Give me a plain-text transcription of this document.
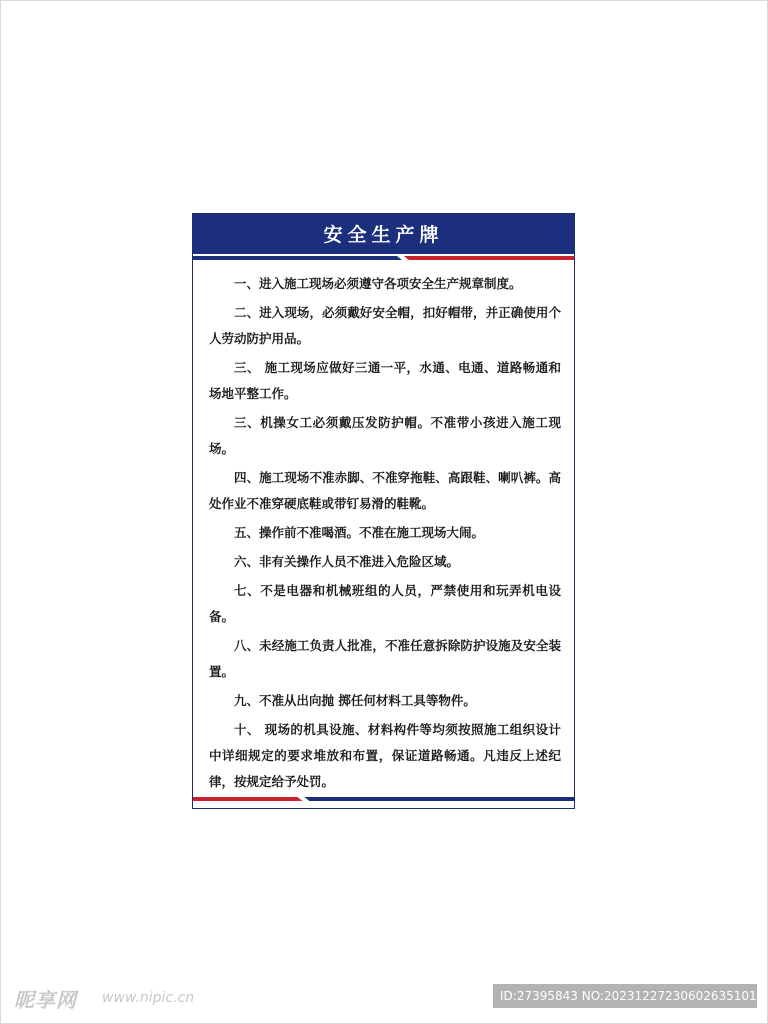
安全生产牌
一、进入施工现场必须遵守各项安全生产规章制度。
二、进入现场，必须戴好安全帽，扣好帽带，并正确使用个人劳动防护用品。
三、 施工现场应做好三通一平，水通、电通、道路畅通和场地平整工作。
三、机操女工必须戴压发防护帽。不准带小孩进入施工现场。
四、施工现场不准赤脚、不准穿拖鞋、高跟鞋、喇叭裤。高处作业不准穿硬底鞋或带钉易滑的鞋靴。
五、操作前不准喝酒。不准在施工现场大闹。
六、非有关操作人员不准进入危险区域。
七、不是电器和机械班组的人员，严禁使用和玩弄机电设备。
八、未经施工负责人批准，不准任意拆除防护设施及安全装置。
九、不准从出向抛 掷任何材料工具等物件。
十、 现场的机具设施、材料构件等均须按照施工组织设计中详细规定的要求堆放和布置，保证道路畅通。凡违反上述纪律，按规定给予处罚。
昵享网 www.nipic.cn	ID:27395843 NO:20231227230602635101
